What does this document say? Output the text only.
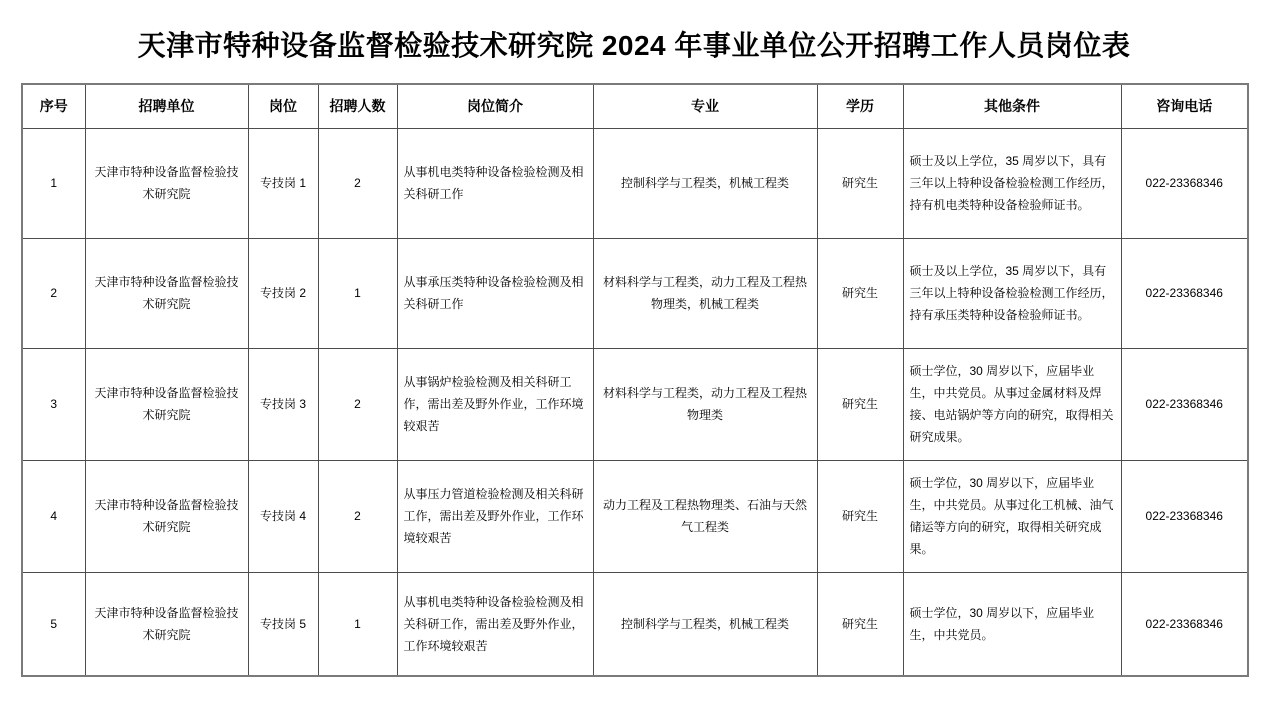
天津市特种设备监督检验技术研究院 2024 年事业单位公开招聘工作人员岗位表
序号	招聘单位	岗位	招聘人数	岗位简介	专业	学历	其他条件	咨询电话
1	天津市特种设备监督检验技术研究院	专技岗 1	2	从事机电类特种设备检验检测及相关科研工作	控制科学与工程类，机械工程类	研究生	硕士及以上学位，35 周岁以下，具有三年以上特种设备检验检测工作经历，持有机电类特种设备检验师证书。	022-23368346
2	天津市特种设备监督检验技术研究院	专技岗 2	1	从事承压类特种设备检验检测及相关科研工作	材料科学与工程类，动力工程及工程热物理类，机械工程类	研究生	硕士及以上学位，35 周岁以下，具有三年以上特种设备检验检测工作经历，持有承压类特种设备检验师证书。	022-23368346
3	天津市特种设备监督检验技术研究院	专技岗 3	2	从事锅炉检验检测及相关科研工作，需出差及野外作业，工作环境较艰苦	材料科学与工程类，动力工程及工程热物理类	研究生	硕士学位，30 周岁以下，应届毕业生，中共党员。从事过金属材料及焊接、电站锅炉等方向的研究，取得相关研究成果。	022-23368346
4	天津市特种设备监督检验技术研究院	专技岗 4	2	从事压力管道检验检测及相关科研工作，需出差及野外作业，工作环境较艰苦	动力工程及工程热物理类、石油与天然气工程类	研究生	硕士学位，30 周岁以下，应届毕业生，中共党员。从事过化工机械、油气储运等方向的研究，取得相关研究成果。	022-23368346
5	天津市特种设备监督检验技术研究院	专技岗 5	1	从事机电类特种设备检验检测及相关科研工作，需出差及野外作业，工作环境较艰苦	控制科学与工程类，机械工程类	研究生	硕士学位，30 周岁以下，应届毕业生，中共党员。	022-23368346
